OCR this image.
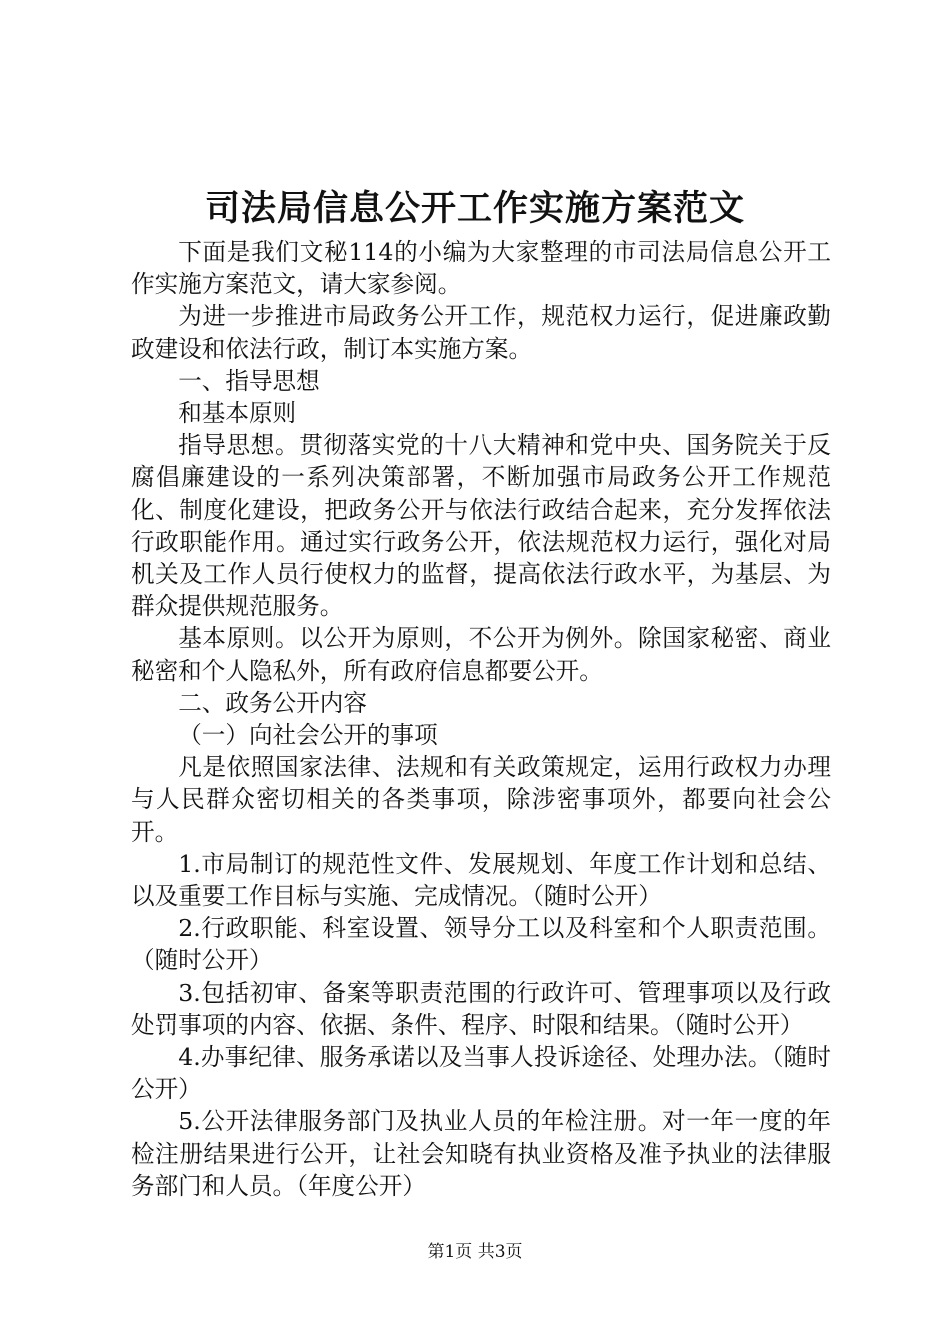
司法局信息公开工作实施方案范文

下面是我们文秘114的小编为大家整理的市司法局信息公开工作实施方案范文，请大家参阅。

为进一步推进市局政务公开工作，规范权力运行，促进廉政勤政建设和依法行政，制订本实施方案。

一、指导思想

和基本原则

指导思想。贯彻落实党的十八大精神和党中央、国务院关于反腐倡廉建设的一系列决策部署，不断加强市局政务公开工作规范化、制度化建设，把政务公开与依法行政结合起来，充分发挥依法行政职能作用。通过实行政务公开，依法规范权力运行，强化对局机关及工作人员行使权力的监督，提高依法行政水平，为基层、为群众提供规范服务。

基本原则。以公开为原则，不公开为例外。除国家秘密、商业秘密和个人隐私外，所有政府信息都要公开。

二、政务公开内容

（一）向社会公开的事项

凡是依照国家法律、法规和有关政策规定，运用行政权力办理与人民群众密切相关的各类事项，除涉密事项外，都要向社会公开。

1.市局制订的规范性文件、发展规划、年度工作计划和总结、以及重要工作目标与实施、完成情况。（随时公开）

2.行政职能、科室设置、领导分工以及科室和个人职责范围。（随时公开）

3.包括初审、备案等职责范围的行政许可、管理事项以及行政处罚事项的内容、依据、条件、程序、时限和结果。（随时公开）

4.办事纪律、服务承诺以及当事人投诉途径、处理办法。（随时公开）

5.公开法律服务部门及执业人员的年检注册。对一年一度的年检注册结果进行公开，让社会知晓有执业资格及准予执业的法律服务部门和人员。（年度公开）

第1页 共3页
